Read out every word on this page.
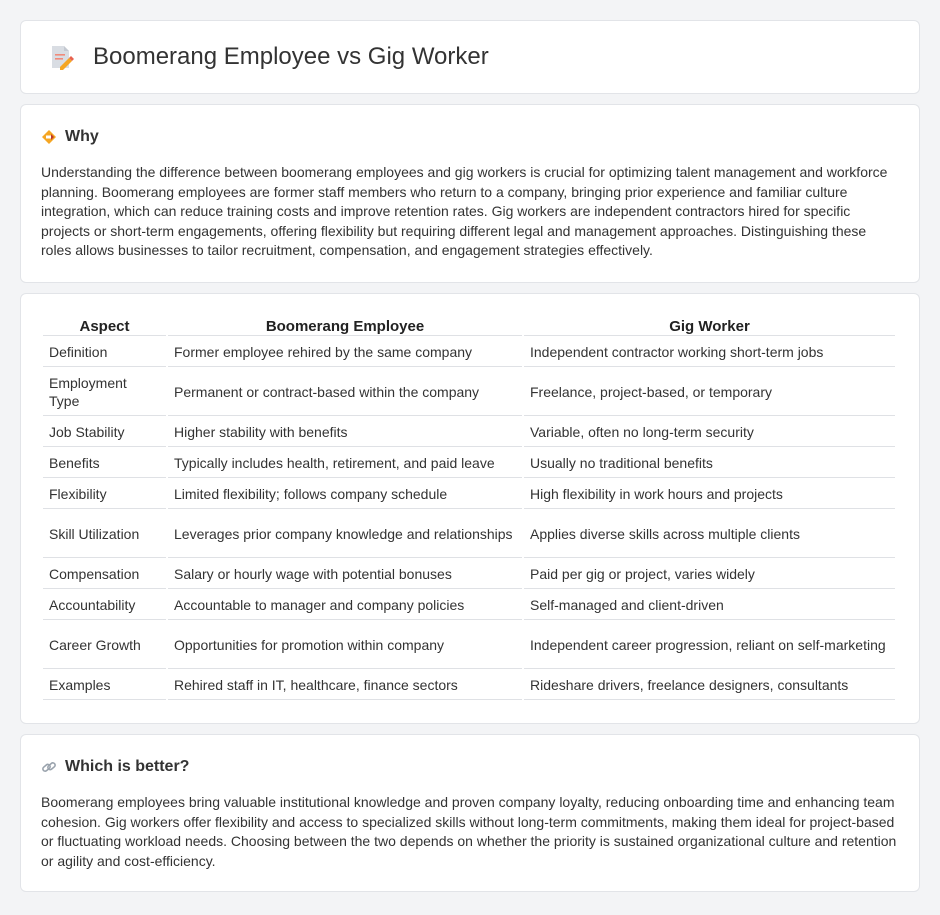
Boomerang Employee vs Gig Worker
Why

Understanding the difference between boomerang employees and gig workers is crucial for optimizing talent management and workforce planning. Boomerang employees are former staff members who return to a company, bringing prior experience and familiar culture integration, which can reduce training costs and improve retention rates. Gig workers are independent contractors hired for specific projects or short-term engagements, offering flexibility but requiring different legal and management approaches. Distinguishing these roles allows businesses to tailor recruitment, compensation, and engagement strategies effectively.

Aspect	Boomerang Employee	Gig Worker
Definition	Former employee rehired by the same company	Independent contractor working short-term jobs
Employment Type	Permanent or contract-based within the company	Freelance, project-based, or temporary
Job Stability	Higher stability with benefits	Variable, often no long-term security
Benefits	Typically includes health, retirement, and paid leave	Usually no traditional benefits
Flexibility	Limited flexibility; follows company schedule	High flexibility in work hours and projects
Skill Utilization	Leverages prior company knowledge and relationships	Applies diverse skills across multiple clients
Compensation	Salary or hourly wage with potential bonuses	Paid per gig or project, varies widely
Accountability	Accountable to manager and company policies	Self-managed and client-driven
Career Growth	Opportunities for promotion within company	Independent career progression, reliant on self-marketing
Examples	Rehired staff in IT, healthcare, finance sectors	Rideshare drivers, freelance designers, consultants
Which is better?

Boomerang employees bring valuable institutional knowledge and proven company loyalty, reducing onboarding time and enhancing team cohesion. Gig workers offer flexibility and access to specialized skills without long-term commitments, making them ideal for project-based or fluctuating workload needs. Choosing between the two depends on whether the priority is sustained organizational culture and retention or agility and cost-efficiency.
